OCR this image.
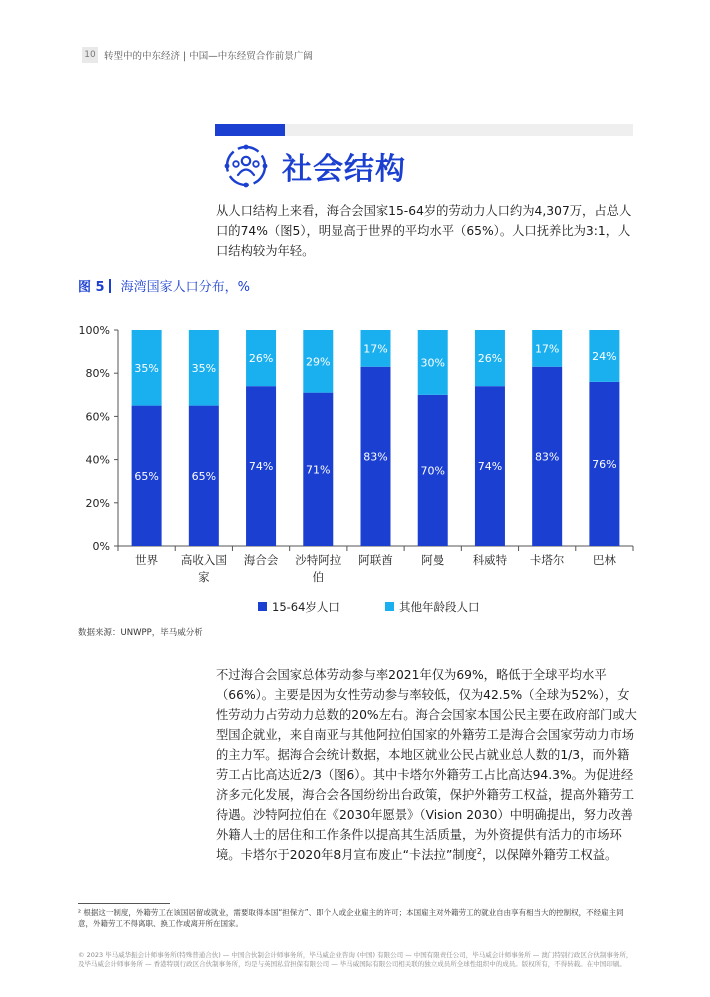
10 转型中的中东经济 | 中国—中东经贸合作前景广阔
社会结构

从人口结构上来看，海合会国家15-64岁的劳动力人口约为4,307万，占总人口的74%（图5），明显高于世界的平均水平（65%）。人口抚养比为3:1，人口结构较为年轻。

图 5 海湾国家人口分布，%
0%
20%
40%
60%
80%
100%
65%
35%
世界
65%
35%
高收入国
家
74%
26%
海合会
71%
29%
沙特阿拉
伯
83%
17%
阿联酋
70%
30%
阿曼
74%
26%
科威特
83%
17%
卡塔尔
76%
24%
巴林
15-64岁人口	其他年龄段人口
数据来源：UNWPP，毕马威分析

不过海合会国家总体劳动参与率2021年仅为69%，略低于全球平均水平（66%）。主要是因为女性劳动参与率较低，仅为42.5%（全球为52%），女性劳动力占劳动力总数的20%左右。海合会国家本国公民主要在政府部门或大型国企就业，来自南亚与其他阿拉伯国家的外籍劳工是海合会国家劳动力市场的主力军。据海合会统计数据，本地区就业公民占就业总人数的1/3，而外籍劳工占比高达近2/3（图6）。其中卡塔尔外籍劳工占比高达94.3%。为促进经济多元化发展，海合会各国纷纷出台政策，保护外籍劳工权益，提高外籍劳工待遇。沙特阿拉伯在《2030年愿景》（Vision 2030）中明确提出，努力改善外籍人士的居住和工作条件以提高其生活质量，为外资提供有活力的市场环境。卡塔尔于2020年8月宣布废止“卡法拉”制度$^2$，以保障外籍劳工权益。

² 根据这一制度，外籍劳工在该国居留或就业，需要取得本国“担保方”、即个人或企业雇主的许可；本国雇主对外籍劳工的就业自由享有相当大的控制权，不经雇主同意，外籍劳工不得离职、换工作或离开所在国家。

© 2023 毕马威华振会计师事务所(特殊普通合伙) — 中国合伙制会计师事务所，毕马威企业咨询 (中国) 有限公司 — 中国有限责任公司，毕马威会计师事务所 — 澳门特别行政区合伙制事务所，及毕马威会计师事务所 — 香港特别行政区合伙制事务所，均是与英国私营担保有限公司 — 毕马威国际有限公司相关联的独立成员所全球性组织中的成员。版权所有，不得转载。在中国印刷。
